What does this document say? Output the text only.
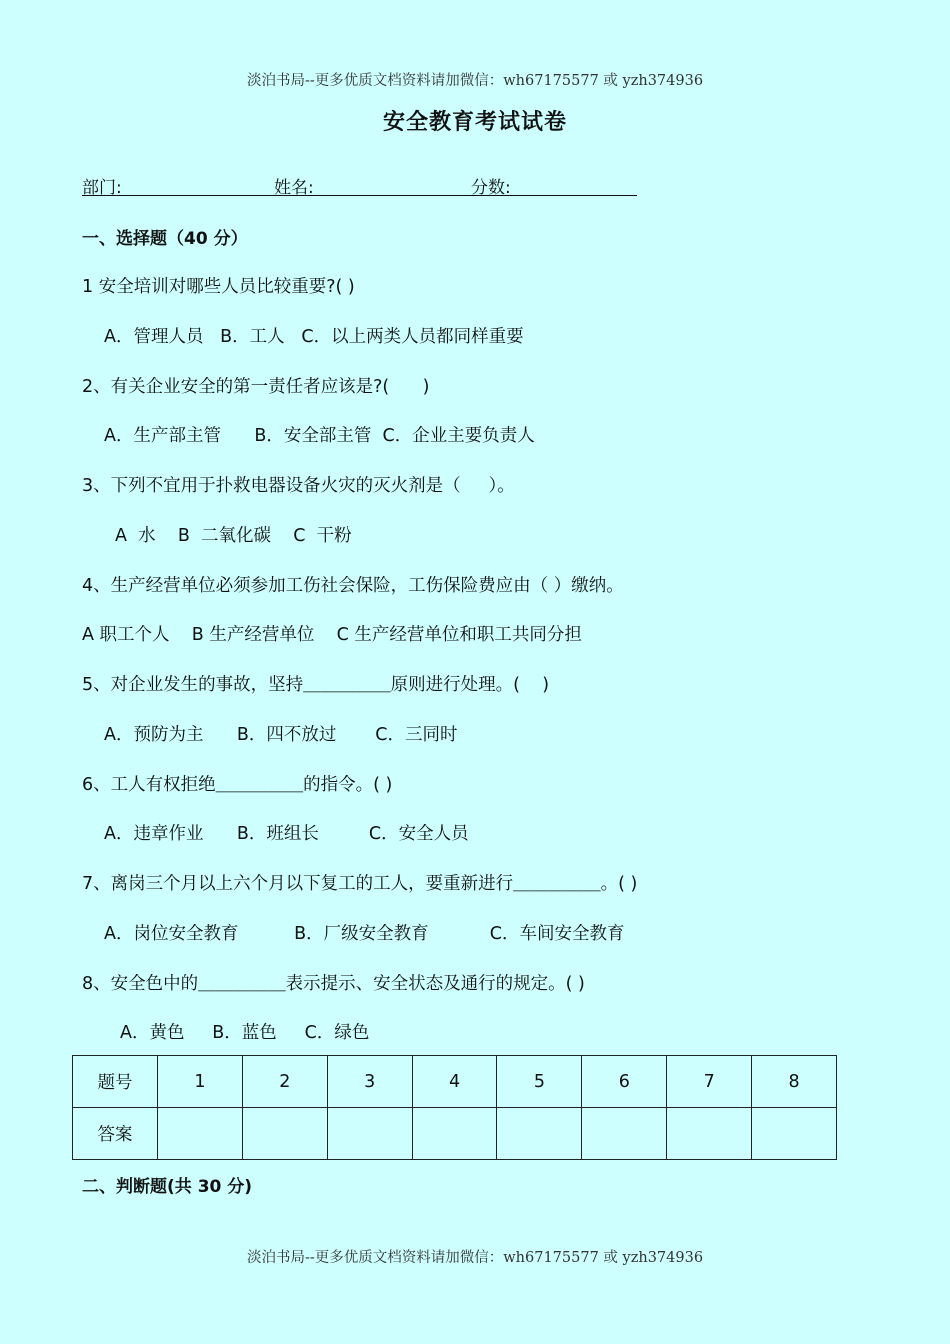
淡泊书局--更多优质文档资料请加微信：wh67175577 或 yzh374936
安全教育考试试卷
部门:	姓名:	分数:
一、选择题（40 分）
1 安全培训对哪些人员比较重要?( )
A．管理人员   B．工人   C．以上两类人员都同样重要
2、有关企业安全的第一责任者应该是?(      )
A．生产部主管      B．安全部主管  C．企业主要负责人
3、下列不宜用于扑救电器设备火灾的灭火剂是（     ）。
A  水    B  二氧化碳    C  干粉
4、生产经营单位必须参加工伤社会保险，工伤保险费应由（ ）缴纳。
A 职工个人    B 生产经营单位    C 生产经营单位和职工共同分担
5、对企业发生的事故，坚持＿＿＿＿＿原则进行处理。(    )
A．预防为主      B．四不放过       C．三同时
6、工人有权拒绝＿＿＿＿＿的指令。( )
A．违章作业      B．班组长         C．安全人员
7、离岗三个月以上六个月以下复工的工人，要重新进行＿＿＿＿＿。( )
A．岗位安全教育          B．厂级安全教育           C．车间安全教育
8、安全色中的＿＿＿＿＿表示提示、安全状态及通行的规定。( )
A．黄色     B．蓝色     C．绿色
题号	1	2	3	4	5	6	7	8
答案								
二、判断题(共 30 分)
淡泊书局--更多优质文档资料请加微信：wh67175577 或 yzh374936
